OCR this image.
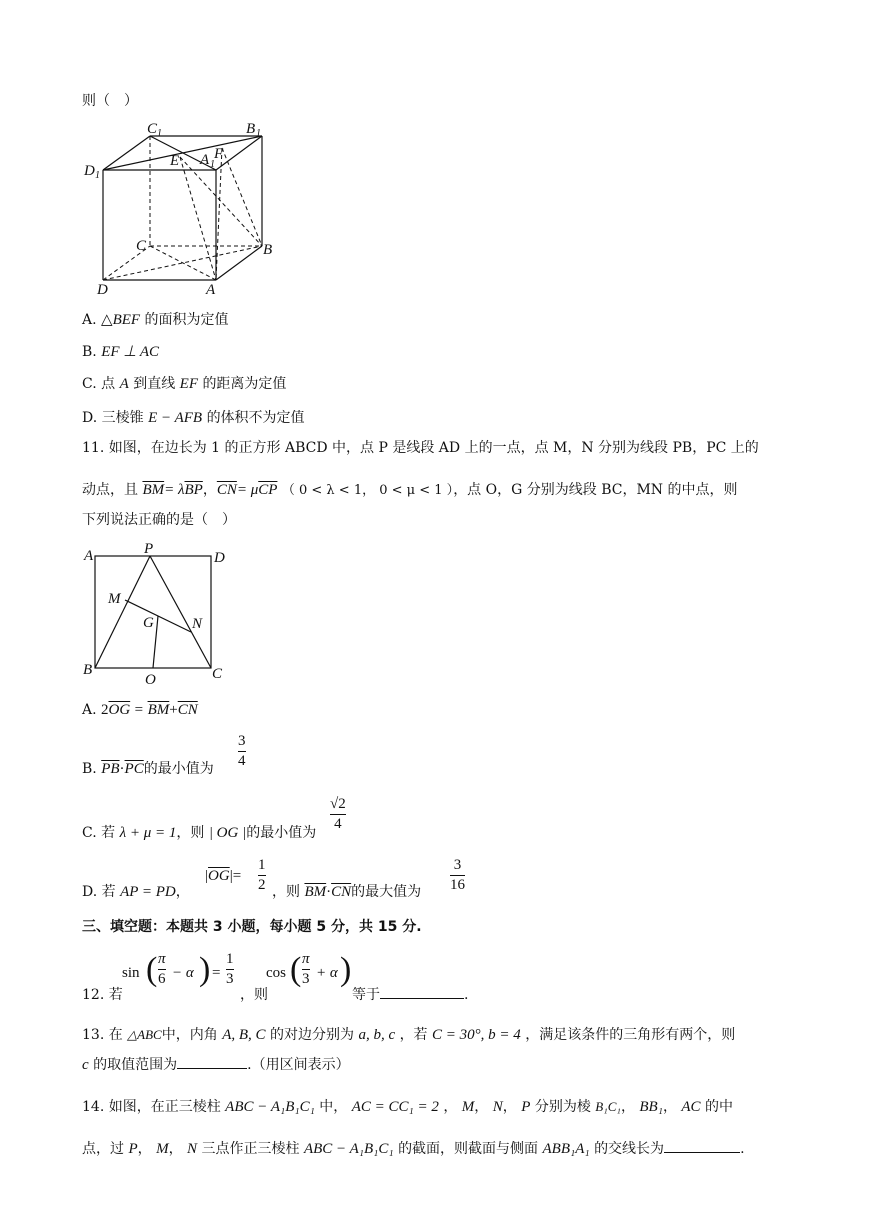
则（　）
C 1	B 1
D 1
E A 1
F
C	B
D	A
A. △BEF 的面积为定值
B. EF ⊥ AC
C. 点 A 到直线 EF 的距离为定值
D. 三棱锥 E − AFB 的体积不为定值
11. 如图，在边长为 1 的正方形 ABCD 中，点 P 是线段 AD 上的一点，点 M，N 分别为线段 PB，PC 上的
动点，且 $\overline{BM}= \lambda\overline{BP}$，$\overline{CN}= \mu\overline{CP}$ （ 0 < λ < 1， 0 < μ < 1 ），点 O，G 分别为线段 BC，MN 的中点，则
下列说法正确的是（　）
A	P
D
M
G	N
B
O	C
A. $2\overline{OG} = \overline{BM}+\overline{CN}$
B. $\overline{PB}\cdot\overline{PC}$的最小值为
3
4
C. 若 λ + μ = 1，则 | OG |的最小值为
√2
4
D. 若 AP = PD，
$|\overline{OG}|=$
1
2 ，则 $\overline{BM}\cdot\overline{CN}$的最大值为
3
16
三、填空题：本题共 3 小题，每小题 5 分，共 15 分.
12. 若
sin ( π
6 − α ) =
1
3
，则
cos ( π
3 + α )
等于	.
13. 在 △ABC中，内角 A, B, C 的对边分别为 a, b, c ，若 C = 30°, b = 4 ，满足该条件的三角形有两个，则
c 的取值范围为	.（用区间表示）
14. 如图，在正三棱柱 ABC − A₁B₁C₁ 中， AC = CC₁ = 2 ， M， N， P 分别为棱 B₁C₁， BB₁， AC 的中
点，过 P， M， N 三点作正三棱柱 ABC − A₁B₁C₁ 的截面，则截面与侧面 ABB₁A₁ 的交线长为	.
